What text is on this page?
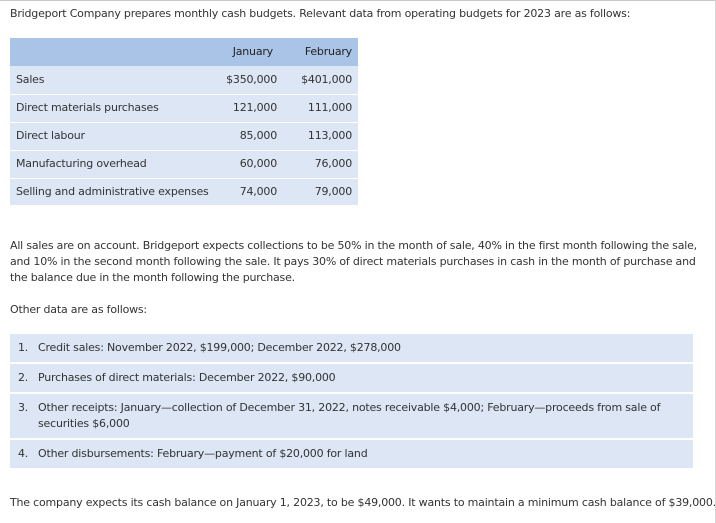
Bridgeport Company prepares monthly cash budgets. Relevant data from operating budgets for 2023 are as follows:
January	February
Sales	$350,000 $401,000
Direct materials purchases	121,000	111,000
Direct labour	85,000	113,000
Manufacturing overhead	60,000	76,000
Selling and administrative expenses	74,000	79,000
All sales are on account. Bridgeport expects collections to be 50% in the month of sale, 40% in the first month following the sale, and 10% in the second month following the sale. It pays 30% of direct materials purchases in cash in the month of purchase and the balance due in the month following the purchase.
Other data are as follows:
1. Credit sales: November 2022, $199,000; December 2022, $278,000
2. Purchases of direct materials: December 2022, $90,000
3. Other receipts: January—collection of December 31, 2022, notes receivable $4,000; February—proceeds from sale of securities $6,000
4. Other disbursements: February—payment of $20,000 for land
The company expects its cash balance on January 1, 2023, to be $49,000. It wants to maintain a minimum cash balance of $39,000.
